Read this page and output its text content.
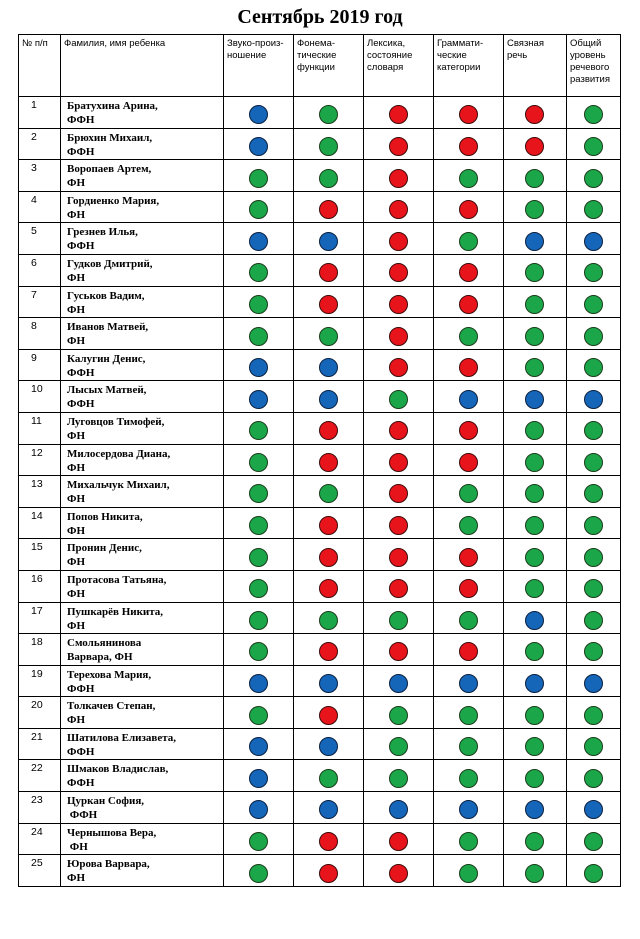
Сентябрь 2019 год
№ п/п	Фамилия, имя ребенка	Звуко-произ-ношение	Фонема-тические функции	Лексика, состояние словаря	Граммати-ческие категории	Связная речь	Общий уровень речевого развития
1	Братухина Арина,
ФФН						

2	Брюхин Михаил,
ФФН						

3	Воропаев Артем,
ФН						

4	Гордиенко Мария,
ФН						

5	Грезнев Илья,
ФФН						

6	Гудков Дмитрий,
ФН						

7	Гуськов Вадим,
ФН						

8	Иванов Матвей,
ФН						

9	Калугин Денис,
ФФН						

10	Лысых Матвей,
ФФН						

11	Луговцов Тимофей,
ФН						

12	Милосердова Диана,
ФН						

13	Михальчук Михаил,
ФН						

14	Попов Никита,
ФН						

15	Пронин Денис,
ФН						

16	Протасова Татьяна,
ФН						

17	Пушкарёв Никита,
ФН						

18	Смольянинова
Варвара, ФН						

19	Терехова Мария,
ФФН						

20	Толкачев Степан,
ФН						

21	Шатилова Елизавета,
ФФН						

22	Шмаков Владислав,
ФФН						

23	Цуркан София,
ФФН						

24	Чернышова Вера,
ФН						

25	Юрова Варвара,
ФН						
